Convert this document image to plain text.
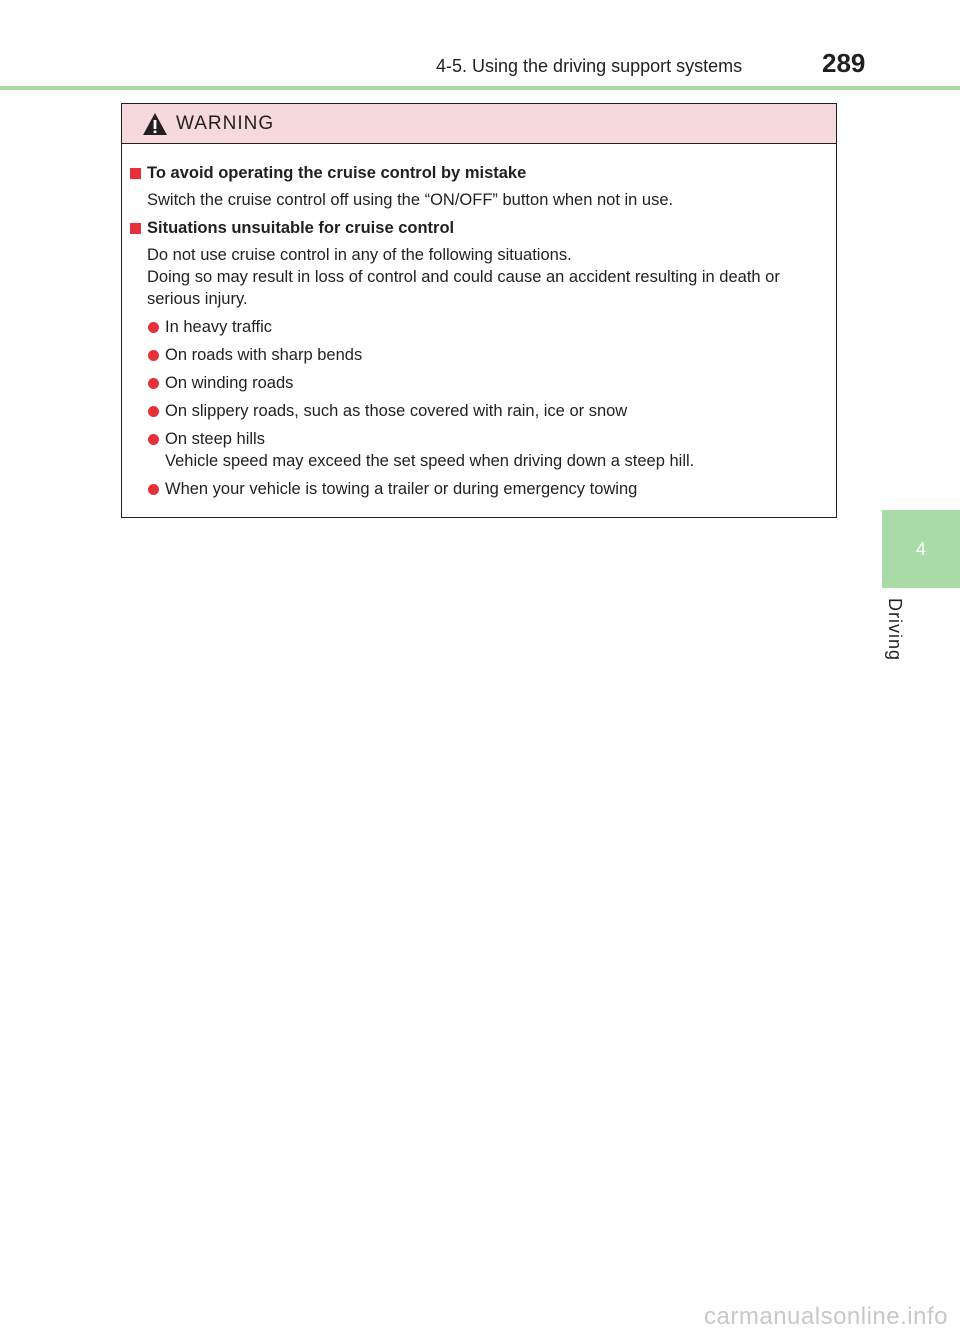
4-5. Using the driving support systems	289
4
Driving
WARNING
To avoid operating the cruise control by mistake
Switch the cruise control off using the “ON/OFF” button when not in use.
Situations unsuitable for cruise control
Do not use cruise control in any of the following situations.
Doing so may result in loss of control and could cause an accident resulting in death or serious injury.
In heavy traffic
On roads with sharp bends
On winding roads
On slippery roads, such as those covered with rain, ice or snow
On steep hills
Vehicle speed may exceed the set speed when driving down a steep hill.
When your vehicle is towing a trailer or during emergency towing
carmanualsonline.info
